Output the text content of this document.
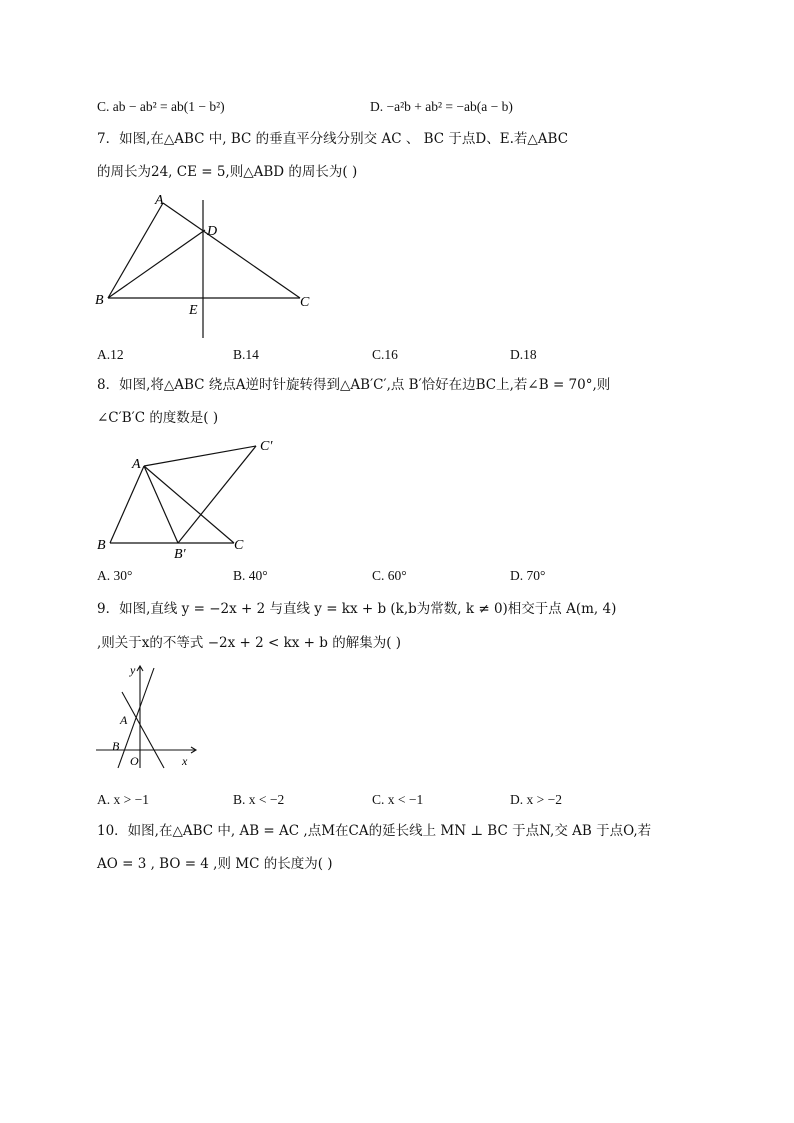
C. ab − ab² = ab(1 − b²)	D. −a²b + ab² = −ab(a − b)
7．如图,在△ABC 中, BC 的垂直平分线分别交 AC 、 BC 于点D、E.若△ABC
的周长为24, CE = 5,则△ABD 的周长为( )
A
D
B	C
E
A.12	B.14	C.16	D.18
8．如图,将△ABC 绕点A逆时针旋转得到△AB′C′,点 B′恰好在边BC上,若∠B = 70°,则
∠C′B′C 的度数是( )
A
C′
B
B′
C
A. 30°	B. 40°	C. 60°	D. 70°
9．如图,直线 y = −2x + 2 与直线 y = kx + b (k,b为常数, k ≠ 0)相交于点 A(m, 4)
,则关于x的不等式 −2x + 2 < kx + b 的解集为( )
y
x
A
B
O
A. x > −1	B. x < −2	C. x < −1	D. x > −2
10．如图,在△ABC 中, AB = AC ,点M在CA的延长线上 MN ⊥ BC 于点N,交 AB 于点O,若
AO = 3 , BO = 4 ,则 MC 的长度为( )
